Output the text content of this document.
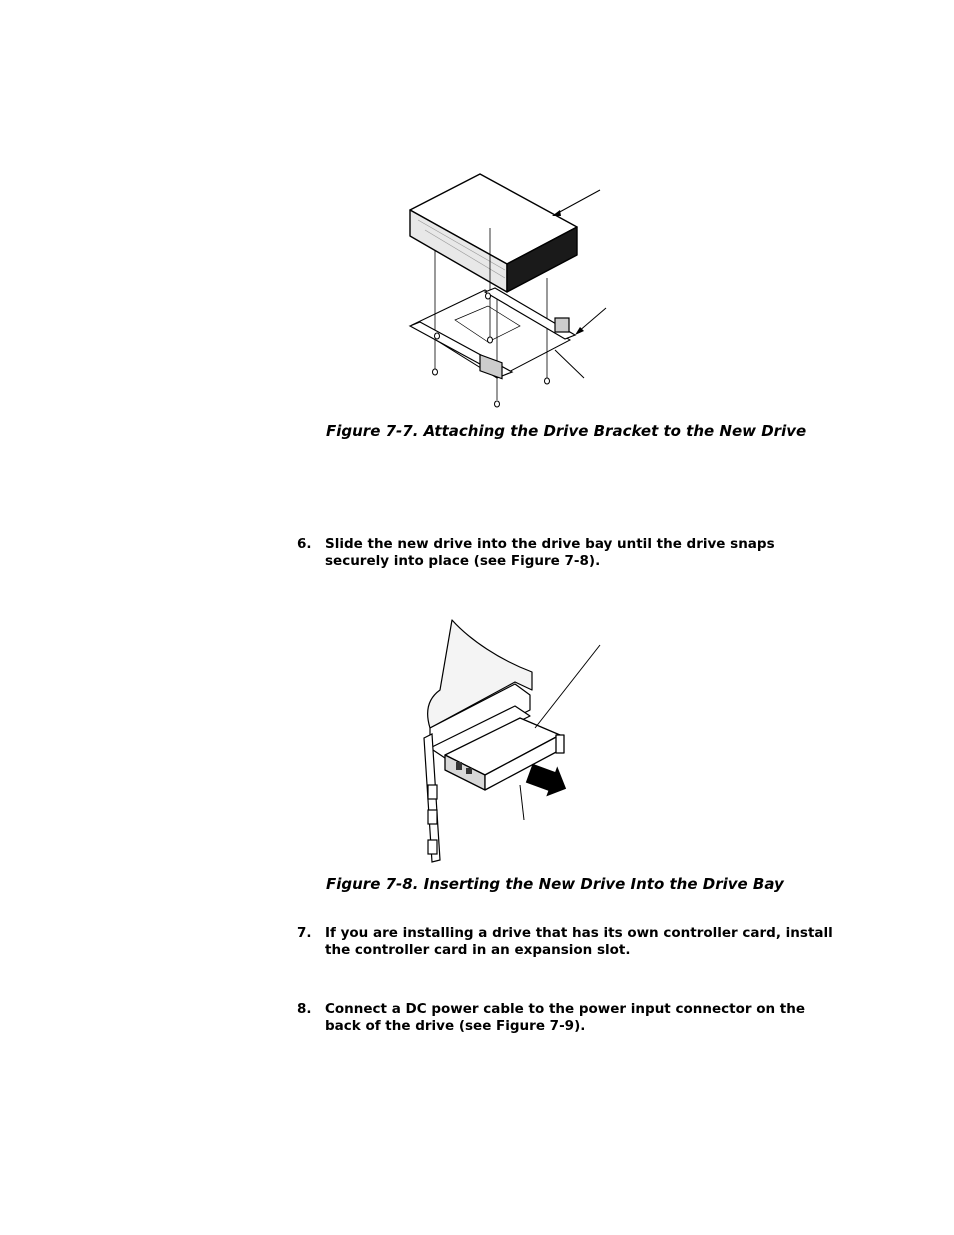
Figure 7-7. Attaching the Drive Bracket to the New Drive
6. Slide the new drive into the drive bay until the drive snaps securely into place (see Figure 7-8).
Figure 7-8. Inserting the New Drive Into the Drive Bay
7. If you are installing a drive that has its own controller card, install the controller card in an expansion slot.
8. Connect a DC power cable to the power input connector on the back of the drive (see Figure 7-9).
